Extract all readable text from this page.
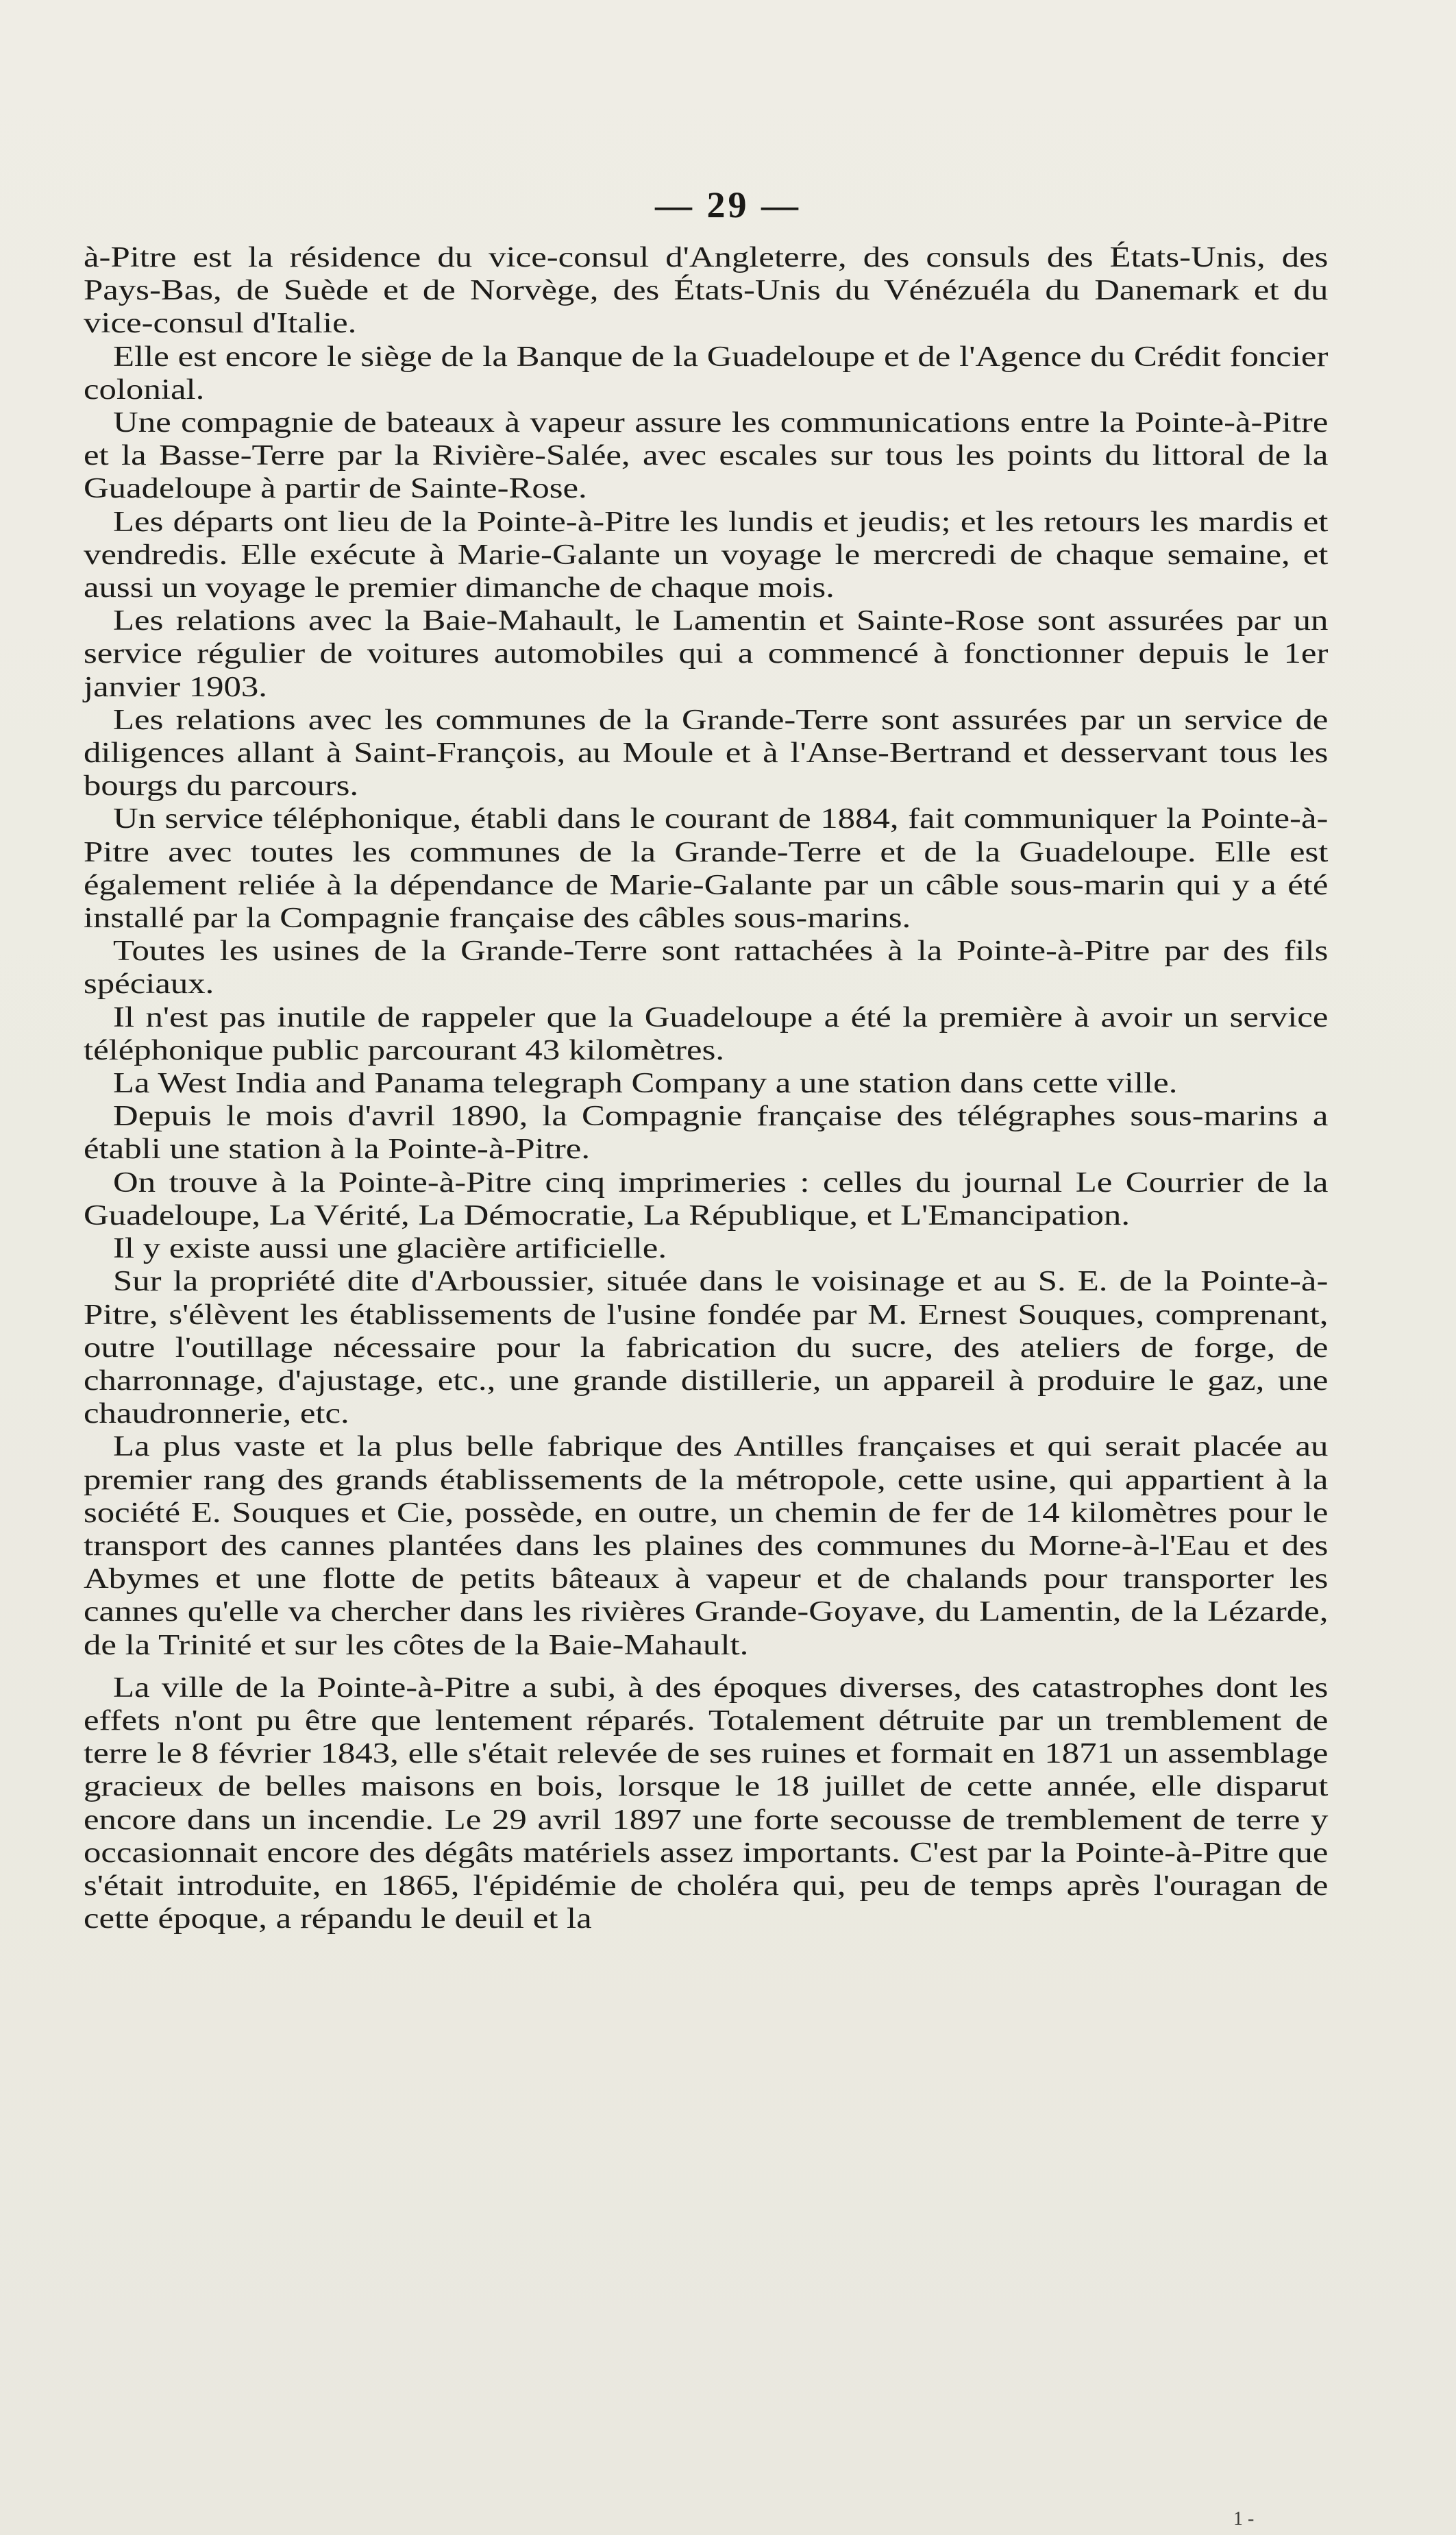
— 29 —

à-Pitre est la résidence du vice-consul d'Angleterre, des consuls des États-Unis, des Pays-Bas, de Suède et de Norvège, des États-Unis du Vénézuéla du Danemark et du vice-consul d'Italie.

Elle est encore le siège de la Banque de la Guadeloupe et de l'Agence du Crédit foncier colonial.

Une compagnie de bateaux à vapeur assure les communications entre la Pointe-à-Pitre et la Basse-Terre par la Rivière-Salée, avec escales sur tous les points du littoral de la Guadeloupe à partir de Sainte-Rose.

Les départs ont lieu de la Pointe-à-Pitre les lundis et jeudis; et les retours les mardis et vendredis. Elle exécute à Marie-Galante un voyage le mercredi de chaque semaine, et aussi un voyage le premier dimanche de chaque mois.

Les relations avec la Baie-Mahault, le Lamentin et Sainte-Rose sont assurées par un service régulier de voitures automobiles qui a commencé à fonctionner depuis le 1er janvier 1903.

Les relations avec les communes de la Grande-Terre sont assurées par un service de diligences allant à Saint-François, au Moule et à l'Anse-Bertrand et desservant tous les bourgs du parcours.

Un service téléphonique, établi dans le courant de 1884, fait communiquer la Pointe-à-Pitre avec toutes les communes de la Grande-Terre et de la Guadeloupe. Elle est également reliée à la dépendance de Marie-Galante par un câble sous-marin qui y a été installé par la Compagnie française des câbles sous-marins.

Toutes les usines de la Grande-Terre sont rattachées à la Pointe-à-Pitre par des fils spéciaux.

Il n'est pas inutile de rappeler que la Guadeloupe a été la première à avoir un service téléphonique public parcourant 43 kilomètres.

La West India and Panama telegraph Company a une station dans cette ville.

Depuis le mois d'avril 1890, la Compagnie française des télégraphes sous-marins a établi une station à la Pointe-à-Pitre.

On trouve à la Pointe-à-Pitre cinq imprimeries : celles du journal Le Courrier de la Guadeloupe, La Vérité, La Démocratie, La République, et L'Emancipation.

Il y existe aussi une glacière artificielle.

Sur la propriété dite d'Arboussier, située dans le voisinage et au S. E. de la Pointe-à-Pitre, s'élèvent les établissements de l'usine fondée par M. Ernest Souques, comprenant, outre l'outillage nécessaire pour la fabrication du sucre, des ateliers de forge, de charronnage, d'ajustage, etc., une grande distillerie, un appareil à produire le gaz, une chaudronnerie, etc.

La plus vaste et la plus belle fabrique des Antilles françaises et qui serait placée au premier rang des grands établissements de la métropole, cette usine, qui appartient à la société E. Souques et Cie, possède, en outre, un chemin de fer de 14 kilomètres pour le transport des cannes plantées dans les plaines des communes du Morne-à-l'Eau et des Abymes et une flotte de petits bâteaux à vapeur et de chalands pour transporter les cannes qu'elle va chercher dans les rivières Grande-Goyave, du Lamentin, de la Lézarde, de la Trinité et sur les côtes de la Baie-Mahault.

La ville de la Pointe-à-Pitre a subi, à des époques diverses, des catastrophes dont les effets n'ont pu être que lentement réparés. Totalement détruite par un tremblement de terre le 8 février 1843, elle s'était relevée de ses ruines et formait en 1871 un assemblage gracieux de belles maisons en bois, lorsque le 18 juillet de cette année, elle disparut encore dans un incendie. Le 29 avril 1897 une forte secousse de tremblement de terre y occasionnait encore des dégâts matériels assez importants. C'est par la Pointe-à-Pitre que s'était introduite, en 1865, l'épidémie de choléra qui, peu de temps après l'ouragan de cette époque, a répandu le deuil et la

1 -
